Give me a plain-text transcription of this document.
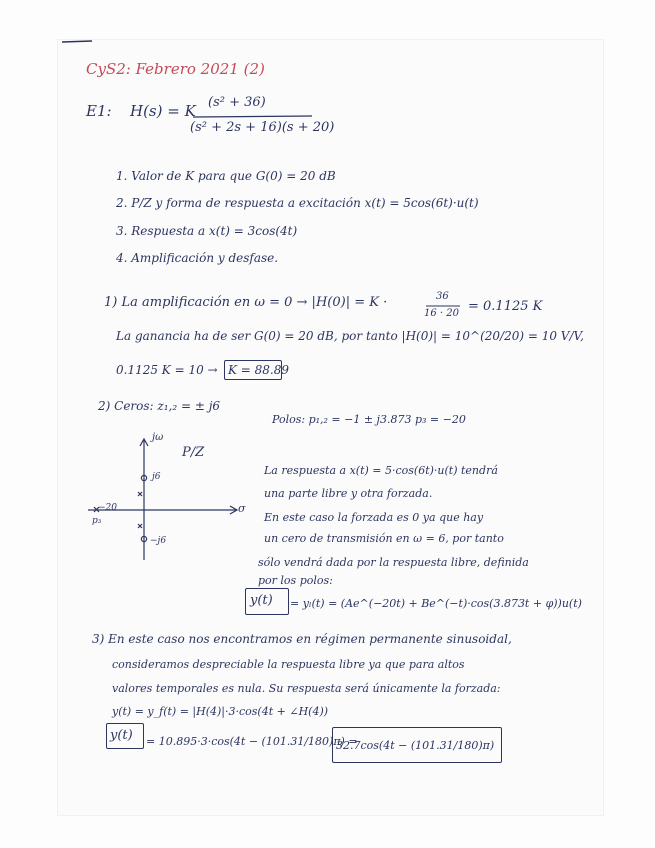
CyS2: Febrero 2021 (2)
E1: H(s) = K (s² + 36)
(s² + 2s + 16)(s + 20)
1. Valor de K para que G(0) = 20 dB
2. P/Z y forma de respuesta a excitación x(t) = 5cos(6t)·u(t)
3. Respuesta a x(t) = 3cos(4t)
4. Amplificación y desfase.
1) La amplificación en ω = 0 → |H(0)| = K ·	36
16 · 20 = 0.1125 K
La ganancia ha de ser G(0) = 20 dB, por tanto |H(0)| = 10^(20/20) = 10 V/V,
0.1125 K = 10 → K = 88.89
2) Ceros: z₁,₂ = ± j6
Polos: p₁,₂ = −1 ± j3.873 p₃ = −20
P/Z
jω
σ
j6
−j6
p₃
−20
La respuesta a x(t) = 5·cos(6t)·u(t) tendrá
una parte libre y otra forzada.
En este caso la forzada es 0 ya que hay
un cero de transmisión en ω = 6, por tanto
sólo vendrá dada por la respuesta libre, definida
por los polos:
y(t) = yₗ(t) = (Ae^(−20t) + Be^(−t)·cos(3.873t + φ))u(t)
3) En este caso nos encontramos en régimen permanente sinusoidal,
consideramos despreciable la respuesta libre ya que para altos
valores temporales es nula. Su respuesta será únicamente la forzada:
y(t) = y_f(t) = |H(4)|·3·cos(4t + ∠H(4))
y(t) = 10.895·3·cos(4t − (101.31/180)π) =
32.7cos(4t − (101.31/180)π)
